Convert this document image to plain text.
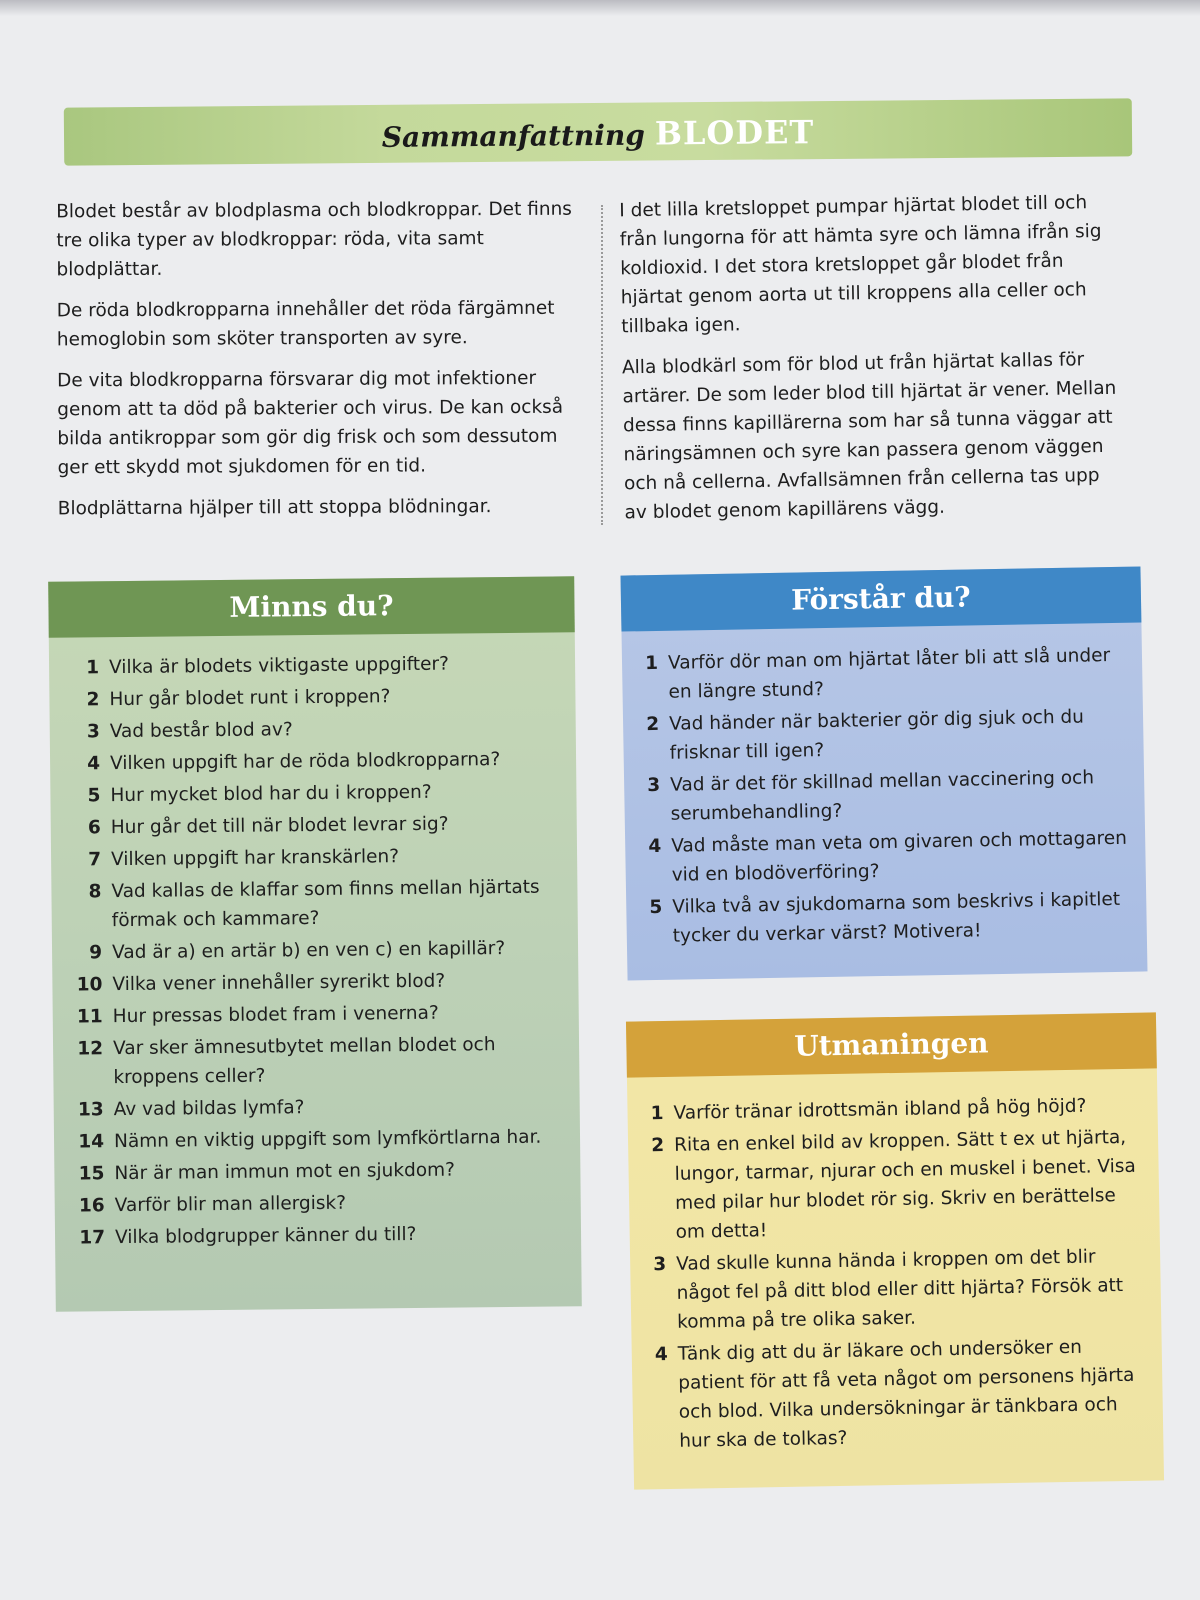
Sammanfattning BLODET

Blodet består av blodplasma och blodkroppar. Det finns tre olika typer av blodkroppar: röda, vita samt blodplättar.

De röda blodkropparna innehåller det röda färgämnet hemoglobin som sköter transporten av syre.

De vita blodkropparna försvarar dig mot infektioner genom att ta död på bakterier och virus. De kan också bilda antikroppar som gör dig frisk och som dessutom ger ett skydd mot sjukdomen för en tid.

Blodplättarna hjälper till att stoppa blödningar.

I det lilla kretsloppet pumpar hjärtat blodet till och från lungorna för att hämta syre och lämna ifrån sig koldioxid. I det stora kretsloppet går blodet från hjärtat genom aorta ut till kroppens alla celler och tillbaka igen.

Alla blodkärl som för blod ut från hjärtat kallas för artärer. De som leder blod till hjärtat är vener. Mellan dessa finns kapillärerna som har så tunna väggar att näringsämnen och syre kan passera genom väggen och nå cellerna. Avfallsämnen från cellerna tas upp av blodet genom kapillärens vägg.

Minns du?
1 Vilka är blodets viktigaste uppgifter?
2 Hur går blodet runt i kroppen?
3 Vad består blod av?
4 Vilken uppgift har de röda blodkropparna?
5 Hur mycket blod har du i kroppen?
6 Hur går det till när blodet levrar sig?
7 Vilken uppgift har kranskärlen?
8 Vad kallas de klaffar som finns mellan hjärtats förmak och kammare?
9 Vad är a) en artär b) en ven c) en kapillär?
10 Vilka vener innehåller syrerikt blod?
11 Hur pressas blodet fram i venerna?
12 Var sker ämnesutbytet mellan blodet och kroppens celler?
13 Av vad bildas lymfa?
14 Nämn en viktig uppgift som lymfkörtlarna har.
15 När är man immun mot en sjukdom?
16 Varför blir man allergisk?
17 Vilka blodgrupper känner du till?
Förstår du?
1 Varför dör man om hjärtat låter bli att slå under en längre stund?
2 Vad händer när bakterier gör dig sjuk och du frisknar till igen?
3 Vad är det för skillnad mellan vaccinering och serumbehandling?
4 Vad måste man veta om givaren och mottagaren vid en blodöverföring?
5 Vilka två av sjukdomarna som beskrivs i kapitlet tycker du verkar värst? Motivera!
Utmaningen
1 Varför tränar idrottsmän ibland på hög höjd?
2 Rita en enkel bild av kroppen. Sätt t ex ut hjärta, lungor, tarmar, njurar och en muskel i benet. Visa med pilar hur blodet rör sig. Skriv en berättelse om detta!
3 Vad skulle kunna hända i kroppen om det blir något fel på ditt blod eller ditt hjärta? Försök att komma på tre olika saker.
4 Tänk dig att du är läkare och undersöker en patient för att få veta något om personens hjärta och blod. Vilka undersökningar är tänkbara och hur ska de tolkas?
